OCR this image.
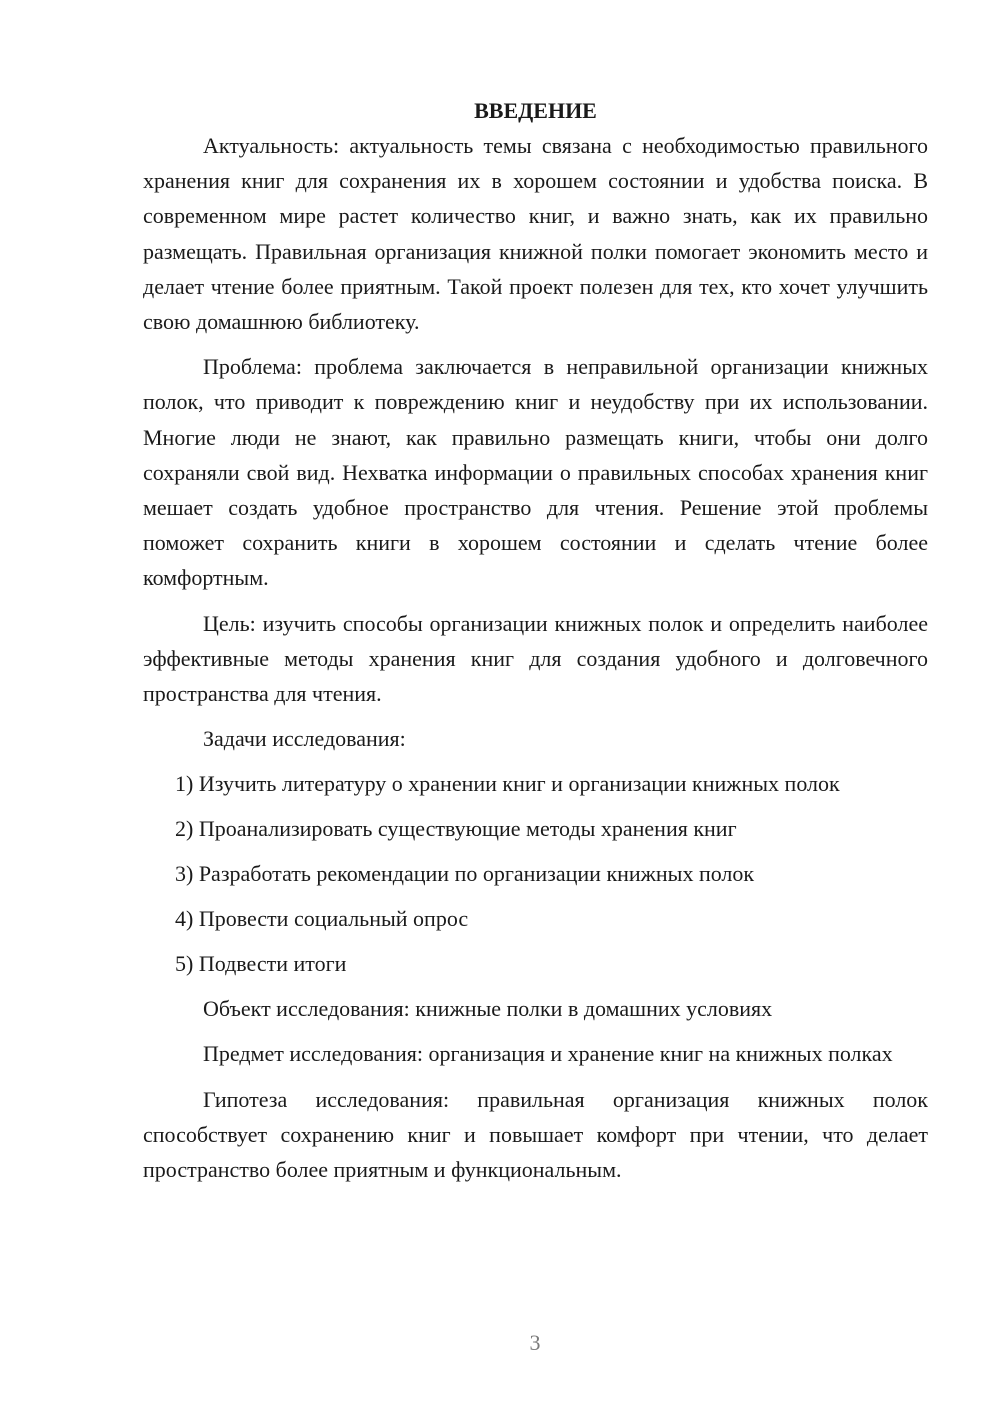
ВВЕДЕНИЕ

Актуальность: актуальность темы связана с необходимостью правильного хранения книг для сохранения их в хорошем состоянии и удобства поиска. В современном мире растет количество книг, и важно знать, как их правильно размещать. Правильная организация книжной полки помогает экономить место и делает чтение более приятным. Такой проект полезен для тех, кто хочет улучшить свою домашнюю библиотеку.

Проблема: проблема заключается в неправильной организации книжных полок, что приводит к повреждению книг и неудобству при их использовании. Многие люди не знают, как правильно размещать книги, чтобы они долго сохраняли свой вид. Нехватка информации о правильных способах хранения книг мешает создать удобное пространство для чтения. Решение этой проблемы поможет сохранить книги в хорошем состоянии и сделать чтение более комфортным.

Цель: изучить способы организации книжных полок и определить наиболее эффективные методы хранения книг для создания удобного и долговечного пространства для чтения.

Задачи исследования:

1) Изучить литературу о хранении книг и организации книжных полок

2) Проанализировать существующие методы хранения книг

3) Разработать рекомендации по организации книжных полок

4) Провести социальный опрос

5) Подвести итоги

Объект исследования: книжные полки в домашних условиях

Предмет исследования: организация и хранение книг на книжных полках

Гипотеза исследования: правильная организация книжных полок способствует сохранению книг и повышает комфорт при чтении, что делает пространство более приятным и функциональным.

3
